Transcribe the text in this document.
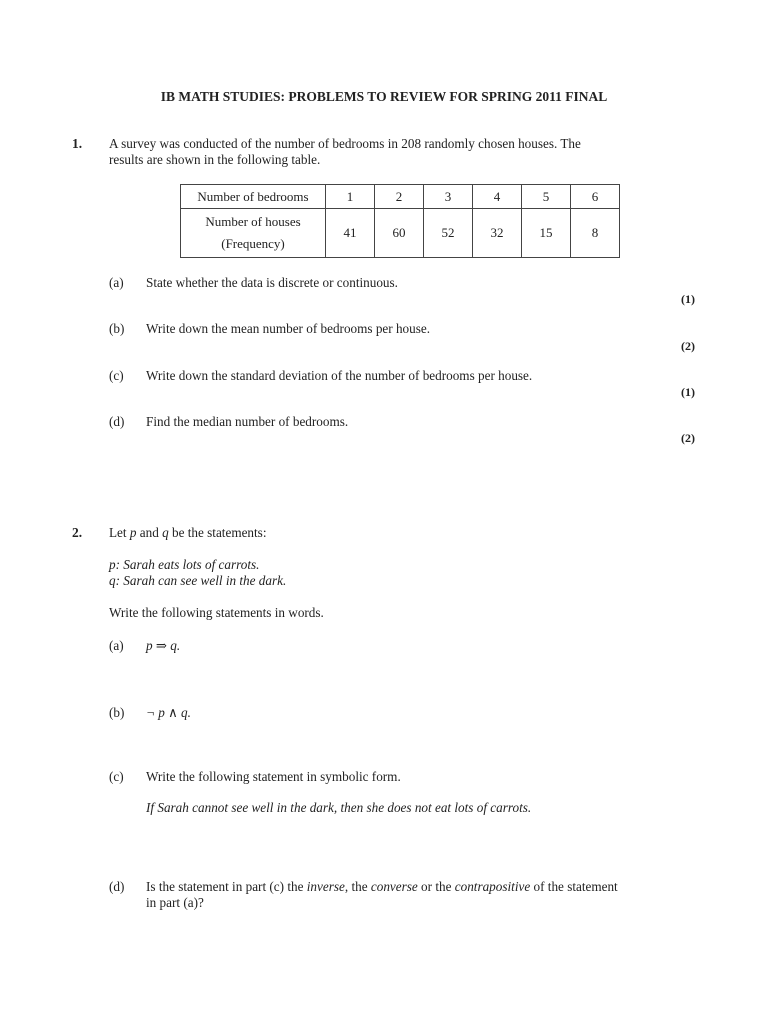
IB MATH STUDIES: PROBLEMS TO REVIEW FOR SPRING 2011 FINAL
1. A survey was conducted of the number of bedrooms in 208 randomly chosen houses. The
results are shown in the following table.
Number of bedrooms	1	2	3	4	5	6

Number of houses
(Frequency)	41	60	52	32	15	8
(a) State whether the data is discrete or continuous.
(1)
(b) Write down the mean number of bedrooms per house.
(2)
(c) Write down the standard deviation of the number of bedrooms per house.
(1)
(d) Find the median number of bedrooms.
(2)
2. Let p and q be the statements:
p: Sarah eats lots of carrots.
q: Sarah can see well in the dark.
Write the following statements in words.
(a) p ⇒ q.
(b) ¬ p ∧ q.
(c) Write the following statement in symbolic form.
If Sarah cannot see well in the dark, then she does not eat lots of carrots.
(d) Is the statement in part (c) the inverse, the converse or the contrapositive of the statement
in part (a)?
